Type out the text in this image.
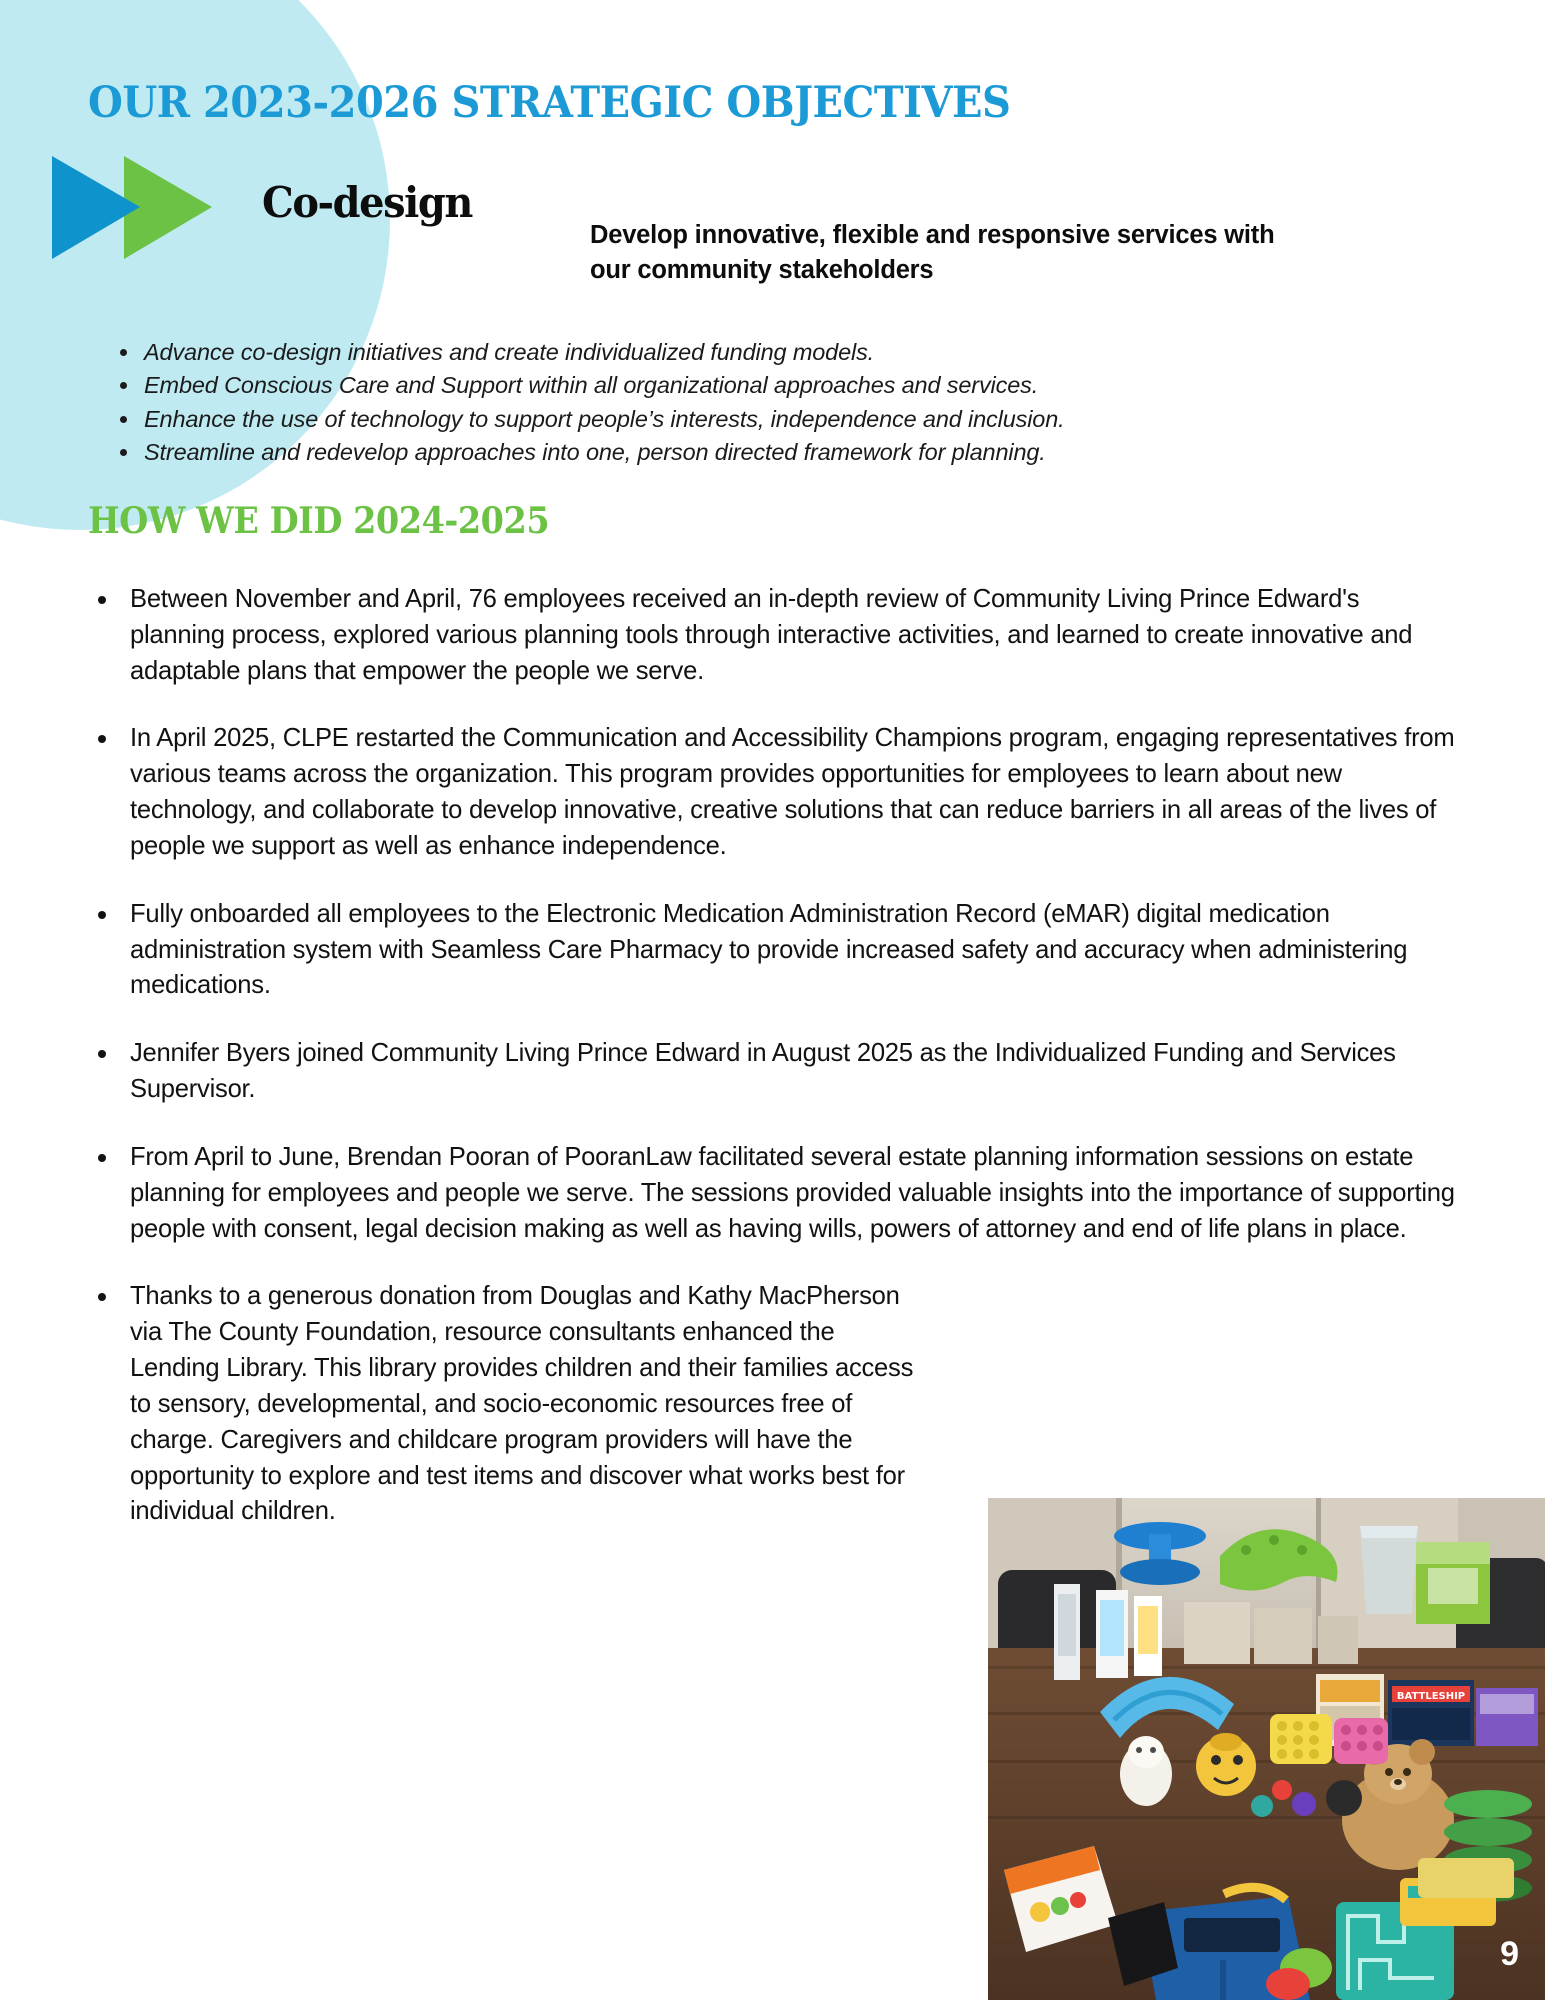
OUR 2023-2026 STRATEGIC OBJECTIVES
Co-design
Develop innovative, flexible and responsive services with our community stakeholders
Advance co-design initiatives and create individualized funding models.
Embed Conscious Care and Support within all organizational approaches and services.
Enhance the use of technology to support people’s interests, independence and inclusion.
Streamline and redevelop approaches into one, person directed framework for planning.
HOW WE DID 2024-2025
Between November and April, 76 employees received an in-depth review of Community Living Prince Edward's planning process, explored various planning tools through interactive activities, and learned to create innovative and adaptable plans that empower the people we serve.
In April 2025, CLPE restarted the Communication and Accessibility Champions program, engaging representatives from various teams across the organization. This program provides opportunities for employees to learn about new technology, and collaborate to develop innovative, creative solutions that can reduce barriers in all areas of the lives of people we support as well as enhance independence.
Fully onboarded all employees to the Electronic Medication Administration Record (eMAR) digital medication administration system with Seamless Care Pharmacy to provide increased safety and accuracy when administering medications.
Jennifer Byers joined Community Living Prince Edward in August 2025 as the Individualized Funding and Services Supervisor.
From April to June, Brendan Pooran of PooranLaw facilitated several estate planning information sessions on estate planning for employees and people we serve. The sessions provided valuable insights into the importance of supporting people with consent, legal decision making as well as having wills, powers of attorney and end of life plans in place.
Thanks to a generous donation from Douglas and Kathy MacPherson via The County Foundation, resource consultants enhanced the Lending Library. This library provides children and their families access to sensory, developmental, and socio-economic resources free of charge. Caregivers and childcare program providers will have the opportunity to explore and test items and discover what works best for individual children.
BATTLESHIP
9
